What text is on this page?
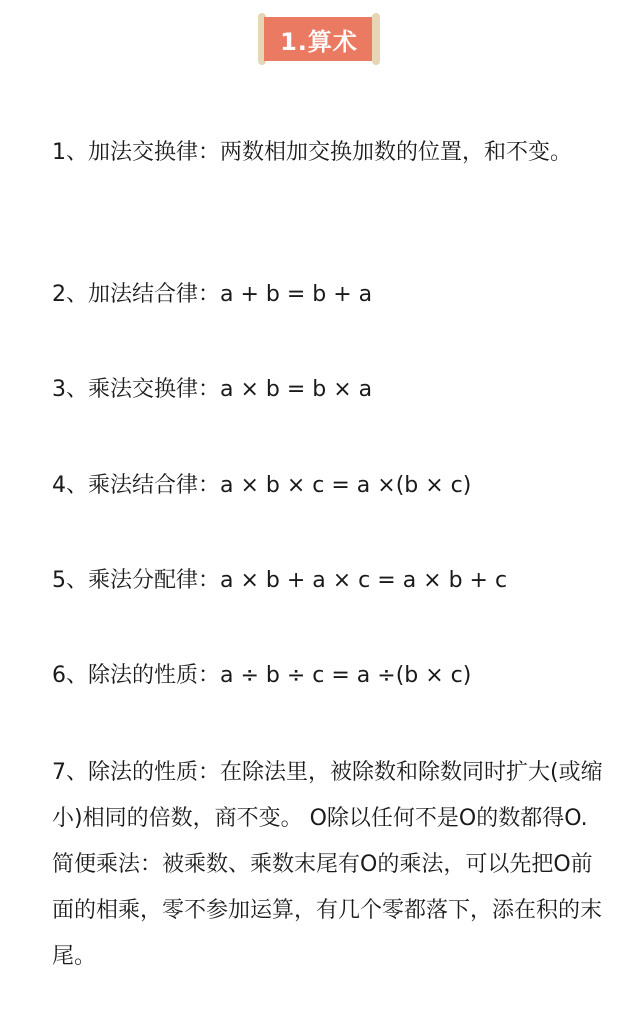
1.算术

1、加法交换律：两数相加交换加数的位置，和不变。

2、加法结合律：a + b = b + a

3、乘法交换律：a × b = b × a

4、乘法结合律：a × b × c = a ×(b × c)

5、乘法分配律：a × b + a × c = a × b + c

6、除法的性质：a ÷ b ÷ c = a ÷(b × c)

7、除法的性质：在除法里，被除数和除数同时扩大(或缩小)相同的倍数，商不变。 O除以任何不是O的数都得O. 简便乘法：被乘数、乘数末尾有O的乘法，可以先把O前面的相乘，零不参加运算，有几个零都落下，添在积的末尾。
